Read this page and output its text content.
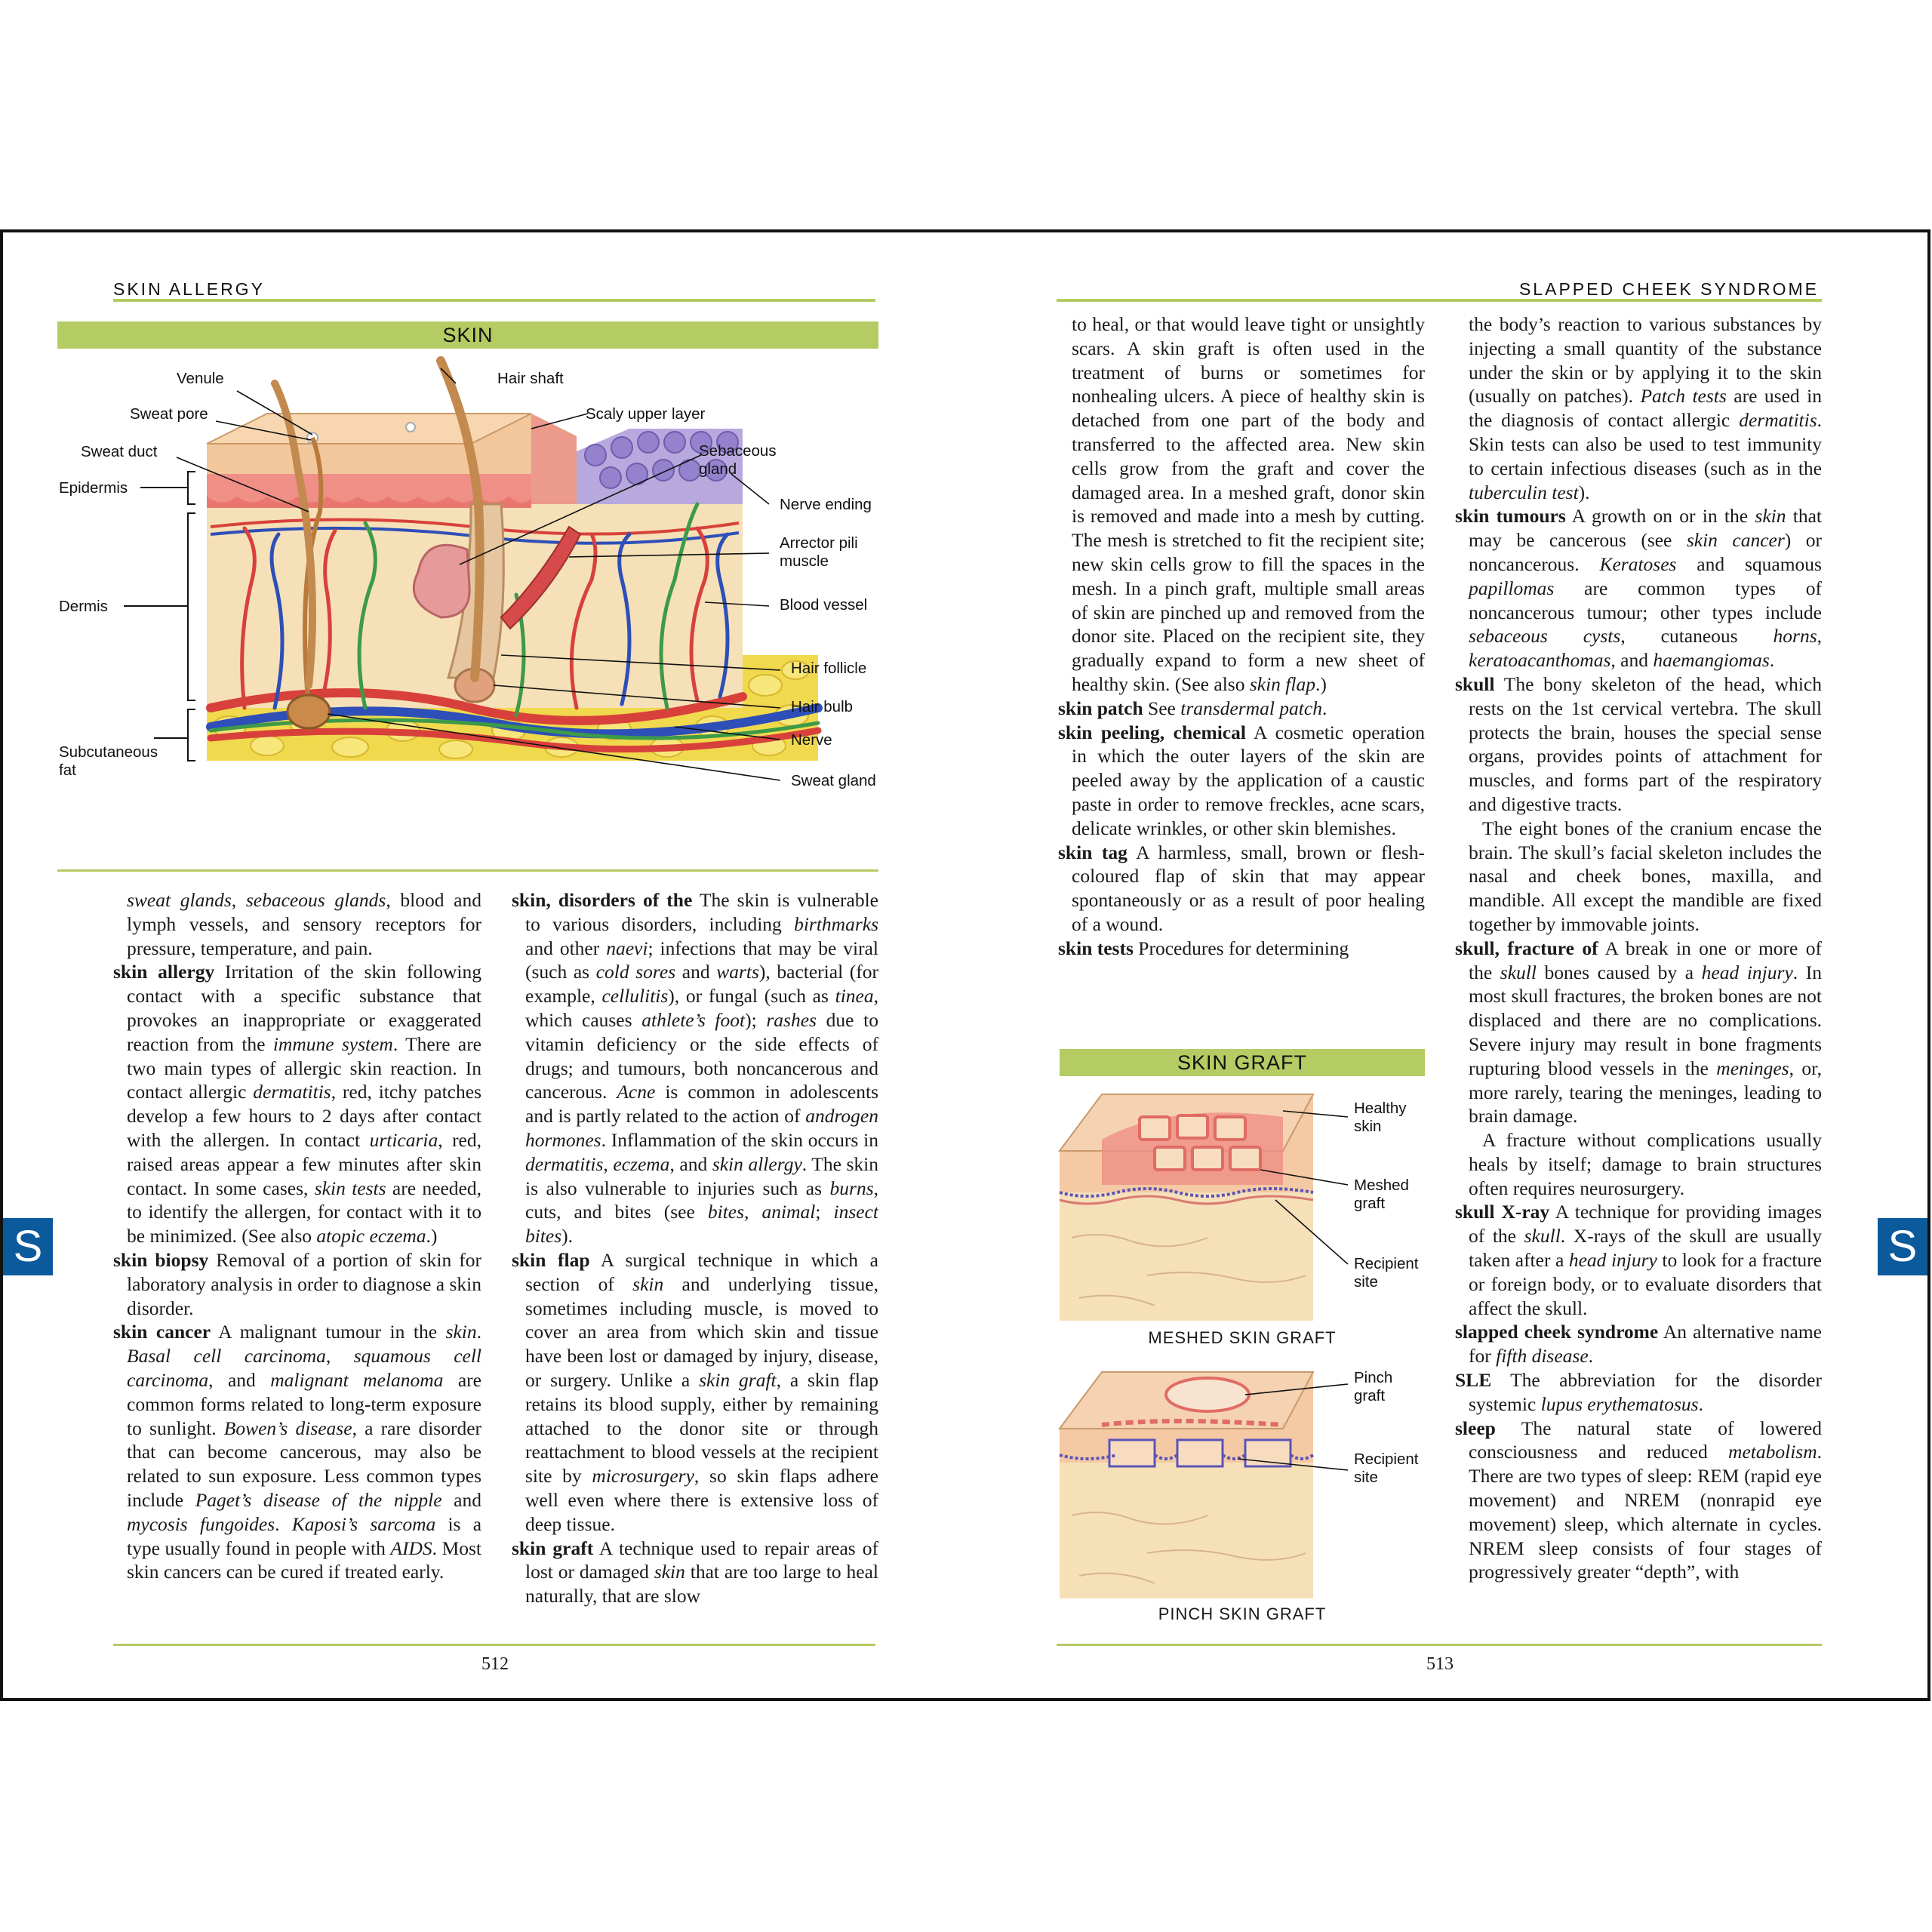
SKIN ALLERGY
SKIN
Venule
Sweat pore
Sweat duct
Epidermis
Dermis
Subcutaneous
fat
Hair shaft
Scaly upper layer
Sebaceous
gland
Nerve ending
Arrector pili
muscle
Blood vessel
Hair follicle
Hair bulb
Nerve
Sweat gland

sweat glands, sebaceous glands, blood and lymph vessels, and sensory receptors for pressure, temperature, and pain.

skin allergy Irritation of the skin following contact with a specific substance that provokes an inappropriate or exaggerated reaction from the immune system. There are two main types of allergic skin reaction. In contact allergic dermatitis, red, itchy patches develop a few hours to 2 days after contact with the allergen. In contact urticaria, red, raised areas appear a few minutes after skin contact. In some cases, skin tests are needed, to identify the allergen, for contact with it to be minimized. (See also atopic eczema.)

skin biopsy Removal of a portion of skin for laboratory analysis in order to diagnose a skin disorder.

skin cancer A malignant tumour in the skin. Basal cell carcinoma, squamous cell carcinoma, and malignant melanoma are common forms related to long-term exposure to sunlight. Bowen’s disease, a rare disorder that can become cancerous, may also be related to sun exposure. Less common types include Paget’s disease of the nipple and mycosis fungoides. Kaposi’s sarcoma is a type usually found in people with AIDS. Most skin cancers can be cured if treated early.

skin, disorders of the The skin is vulnerable to various disorders, including birthmarks and other naevi; infections that may be viral (such as cold sores and warts), bacterial (for example, cellulitis), or fungal (such as tinea, which causes athlete’s foot); rashes due to vitamin deficiency or the side effects of drugs; and tumours, both noncancerous and cancerous. Acne is common in adolescents and is partly related to the action of androgen hormones. Inflammation of the skin occurs in dermatitis, eczema, and skin allergy. The skin is also vulnerable to injuries such as burns, cuts, and bites (see bites, animal; insect bites).

skin flap A surgical technique in which a section of skin and underlying tissue, sometimes including muscle, is moved to cover an area from which skin and tissue have been lost or damaged by injury, disease, or surgery. Unlike a skin graft, a skin flap retains its blood supply, either by remaining attached to the donor site or through reattachment to blood vessels at the recipient site by microsurgery, so skin flaps adhere well even where there is extensive loss of deep tissue.

skin graft A technique used to repair areas of lost or damaged skin that are too large to heal naturally, that are slow

512
SLAPPED CHEEK SYNDROME

to heal, or that would leave tight or unsightly scars. A skin graft is often used in the treatment of burns or sometimes for nonhealing ulcers. A piece of healthy skin is detached from one part of the body and transferred to the affected area. New skin cells grow from the graft and cover the damaged area. In a meshed graft, donor skin is removed and made into a mesh by cutting. The mesh is stretched to fit the recipient site; new skin cells grow to fill the spaces in the mesh. In a pinch graft, multiple small areas of skin are pinched up and removed from the donor site. Placed on the recipient site, they gradually expand to form a new sheet of healthy skin. (See also skin flap.)

skin patch See transdermal patch.

skin peeling, chemical A cosmetic operation in which the outer layers of the skin are peeled away by the application of a caustic paste in order to remove freckles, acne scars, delicate wrinkles, or other skin blemishes.

skin tag A harmless, small, brown or flesh-coloured flap of skin that may appear spontaneously or as a result of poor healing of a wound.

skin tests Procedures for determining

SKIN GRAFT
Healthy
skin
Meshed
graft
Recipient
site
MESHED SKIN GRAFT
Pinch
graft
Recipient
site
PINCH SKIN GRAFT

the body’s reaction to various substances by injecting a small quantity of the substance under the skin or by applying it to the skin (usually on patches). Patch tests are used in the diagnosis of contact allergic dermatitis. Skin tests can also be used to test immunity to certain infectious diseases (such as in the tuberculin test).

skin tumours A growth on or in the skin that may be cancerous (see skin cancer) or noncancerous. Keratoses and squamous papillomas are common types of noncancerous tumour; other types include sebaceous cysts, cutaneous horns, keratoacanthomas, and haemangiomas.

skull The bony skeleton of the head, which rests on the 1st cervical vertebra. The skull protects the brain, houses the special sense organs, provides points of attachment for muscles, and forms part of the respiratory and digestive tracts.

The eight bones of the cranium encase the brain. The skull’s facial skeleton includes the nasal and cheek bones, maxilla, and mandible. All except the mandible are fixed together by immovable joints.

skull, fracture of A break in one or more of the skull bones caused by a head injury. In most skull fractures, the broken bones are not displaced and there are no complications. Severe injury may result in bone fragments rupturing blood vessels in the meninges, or, more rarely, tearing the meninges, leading to brain damage.

A fracture without complications usually heals by itself; damage to brain structures often requires neurosurgery.

skull X-ray A technique for providing images of the skull. X-rays of the skull are usually taken after a head injury to look for a fracture or foreign body, or to evaluate disorders that affect the skull.

slapped cheek syndrome An alternative name for fifth disease.

SLE The abbreviation for the disorder systemic lupus erythematosus.

sleep The natural state of lowered consciousness and reduced metabolism. There are two types of sleep: REM (rapid eye movement) and NREM (nonrapid eye movement) sleep, which alternate in cycles. NREM sleep consists of four stages of progressively greater “depth”, with

513
S	S
